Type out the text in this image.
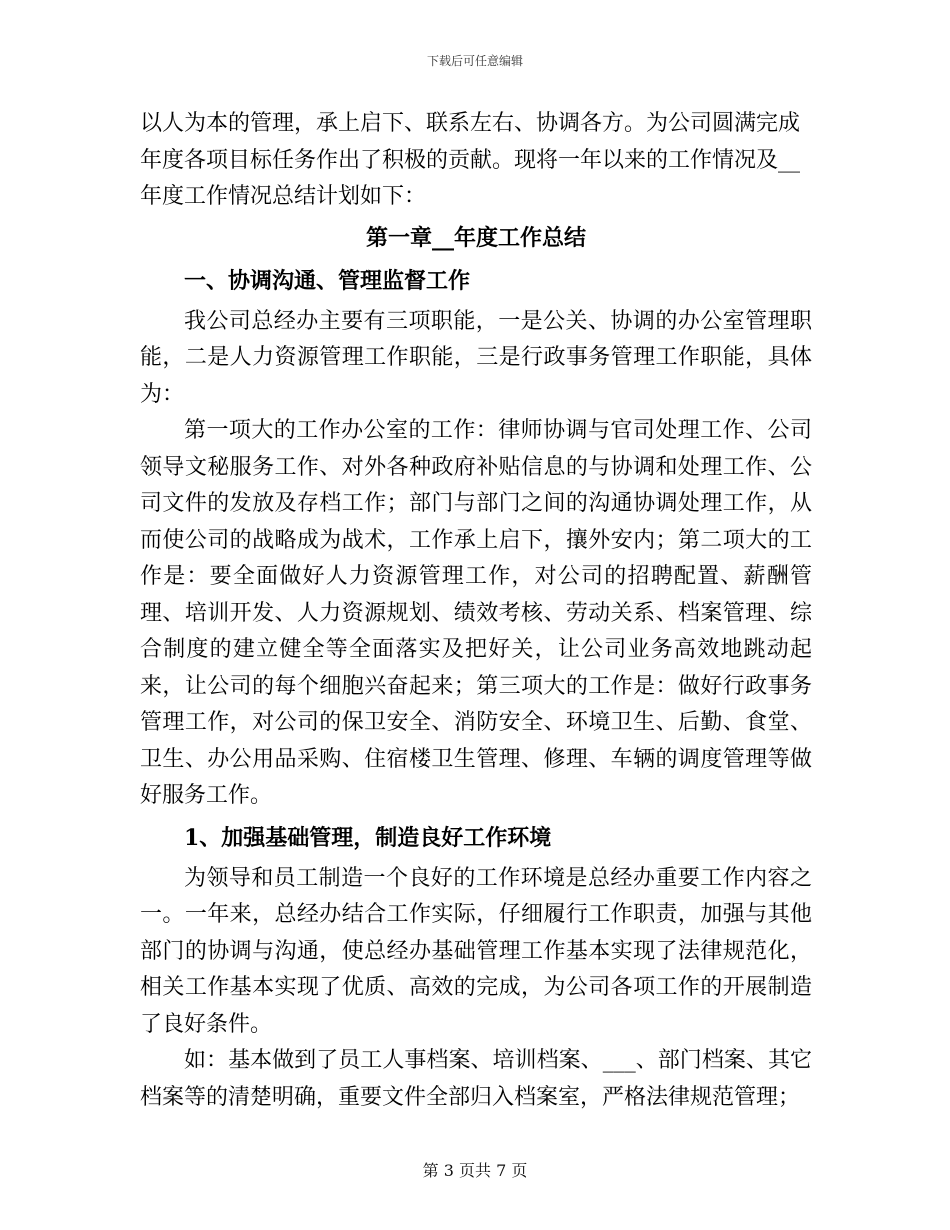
下载后可任意编辑

以人为本的管理，承上启下、联系左右、协调各方。为公司圆满完成

年度各项目标任务作出了积极的贡献。现将一年以来的工作情况及__

年度工作情况总结计划如下：

第一章__年度工作总结

一、协调沟通、管理监督工作

我公司总经办主要有三项职能，一是公关、协调的办公室管理职能，二是人力资源管理工作职能，三是行政事务管理工作职能，具体为：

第一项大的工作办公室的工作：律师协调与官司处理工作、公司领导文秘服务工作、对外各种政府补贴信息的与协调和处理工作、公司文件的发放及存档工作；部门与部门之间的沟通协调处理工作，从而使公司的战略成为战术，工作承上启下，攘外安内；第二项大的工作是：要全面做好人力资源管理工作，对公司的招聘配置、薪酬管理、培训开发、人力资源规划、绩效考核、劳动关系、档案管理、综合制度的建立健全等全面落实及把好关，让公司业务高效地跳动起来，让公司的每个细胞兴奋起来；第三项大的工作是：做好行政事务管理工作，对公司的保卫安全、消防安全、环境卫生、后勤、食堂、卫生、办公用品采购、住宿楼卫生管理、修理、车辆的调度管理等做好服务工作。

1、加强基础管理，制造良好工作环境

为领导和员工制造一个良好的工作环境是总经办重要工作内容之一。一年来，总经办结合工作实际，仔细履行工作职责，加强与其他部门的协调与沟通，使总经办基础管理工作基本实现了法律规范化，相关工作基本实现了优质、高效的完成，为公司各项工作的开展制造了良好条件。

如：基本做到了员工人事档案、培训档案、___、部门档案、其它档案等的清楚明确，重要文件全部归入档案室，严格法律规范管理；

第 3 页共 7 页
